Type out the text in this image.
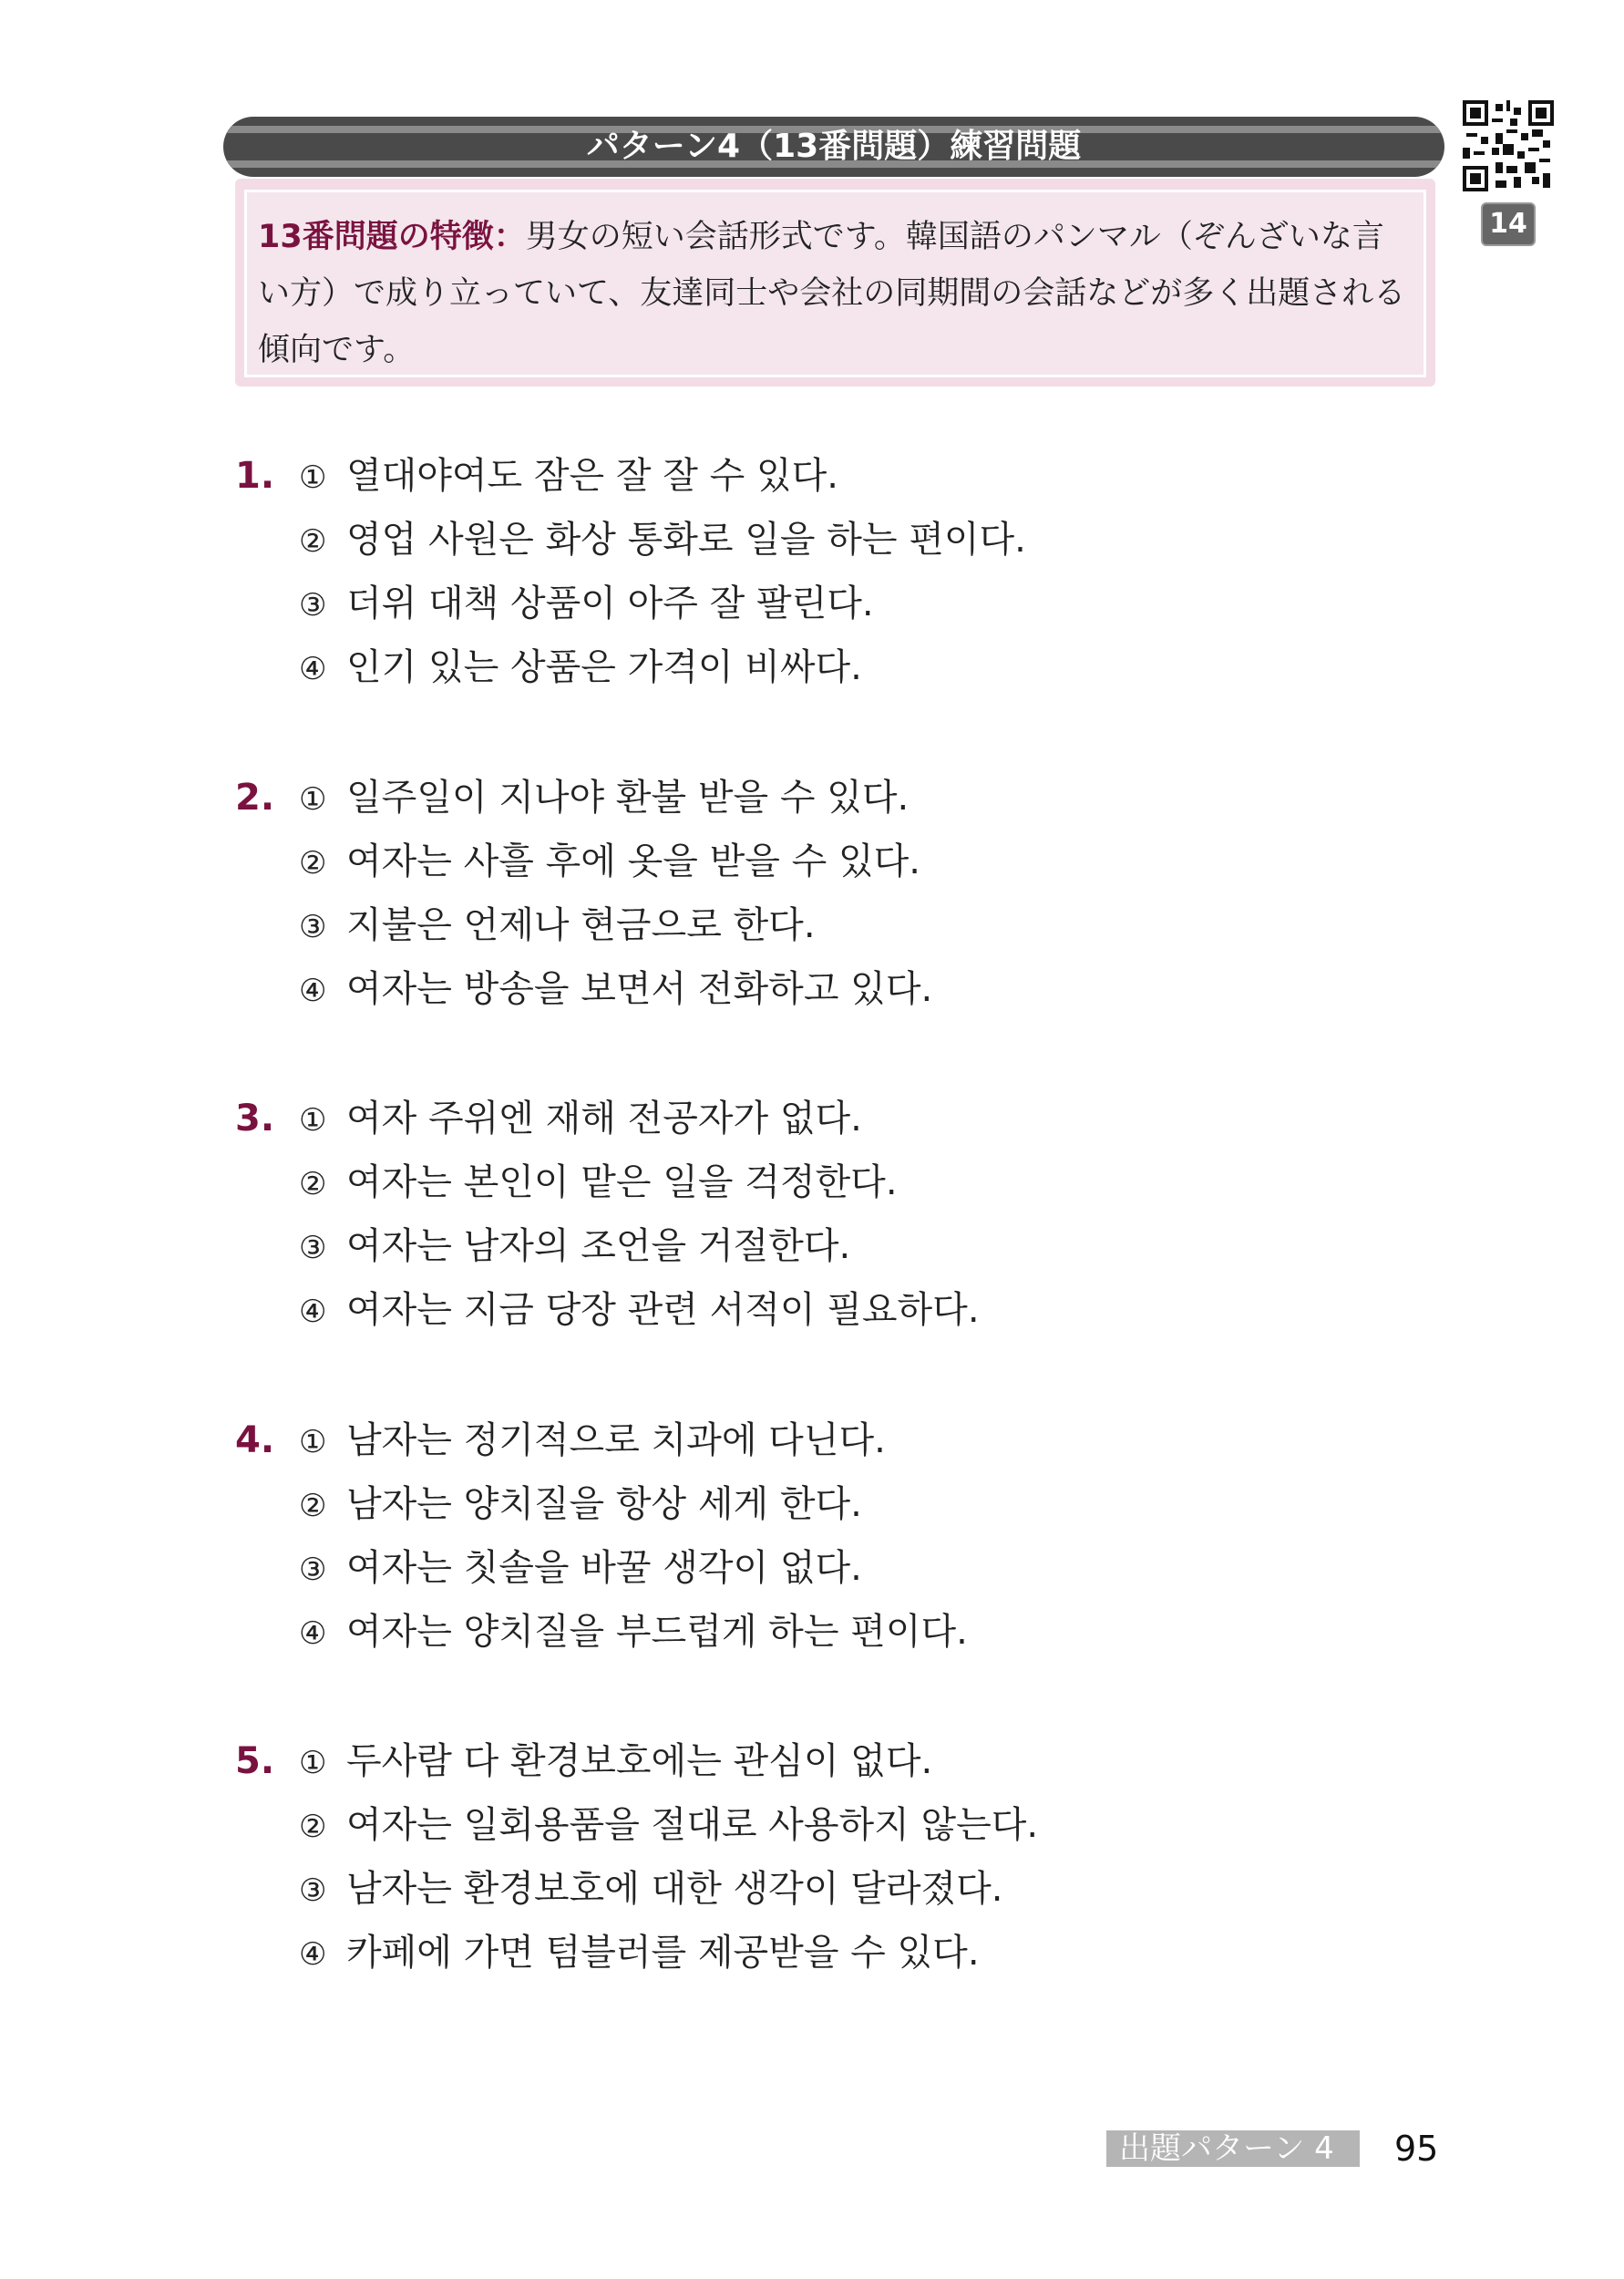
パターン4（13番問題）練習問題
14
13番問題の特徴：男女の短い会話形式です。韓国語のパンマル（ぞんざいな言い方）で成り立っていて、友達同士や会社の同期間の会話などが多く出題される傾向です。
1. ① 열대야여도 잠은 잘 잘 수 있다.
② 영업 사원은 화상 통화로 일을 하는 편이다.
③ 더위 대책 상품이 아주 잘 팔린다.
④ 인기 있는 상품은 가격이 비싸다.
2. ① 일주일이 지나야 환불 받을 수 있다.
② 여자는 사흘 후에 옷을 받을 수 있다.
③ 지불은 언제나 현금으로 한다.
④ 여자는 방송을 보면서 전화하고 있다.
3. ① 여자 주위엔 재해 전공자가 없다.
② 여자는 본인이 맡은 일을 걱정한다.
③ 여자는 남자의 조언을 거절한다.
④ 여자는 지금 당장 관련 서적이 필요하다.
4. ① 남자는 정기적으로 치과에 다닌다.
② 남자는 양치질을 항상 세게 한다.
③ 여자는 칫솔을 바꿀 생각이 없다.
④ 여자는 양치질을 부드럽게 하는 편이다.
5. ① 두사람 다 환경보호에는 관심이 없다.
② 여자는 일회용품을 절대로 사용하지 않는다.
③ 남자는 환경보호에 대한 생각이 달라졌다.
④ 카페에 가면 텀블러를 제공받을 수 있다.
出題パターン 4	95
